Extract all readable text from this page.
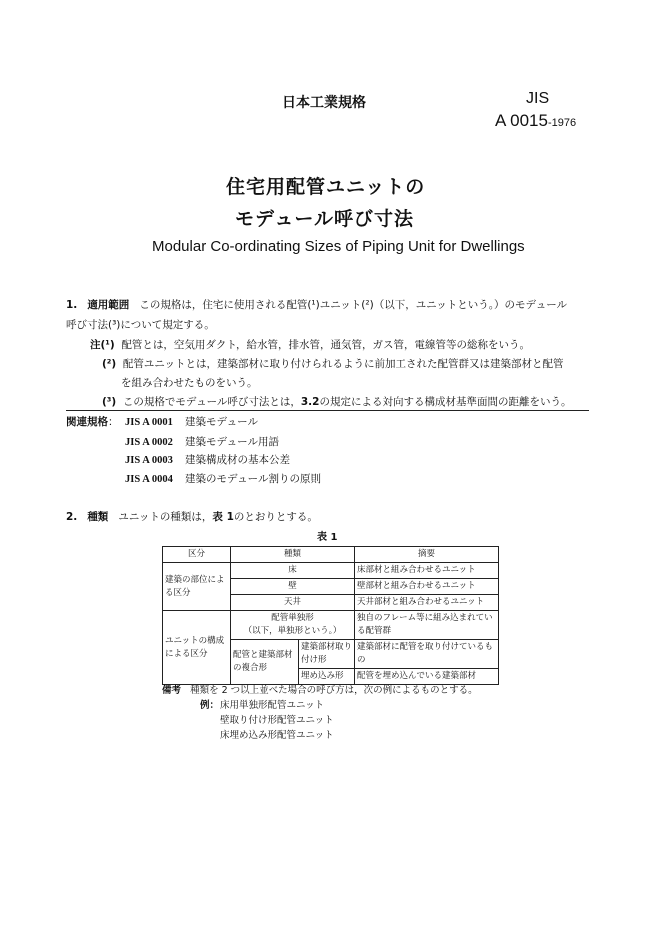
日本工業規格	JIS
A 0015-1976
住宅用配管ユニットの
モデュール呼び寸法
Modular Co-ordinating Sizes of Piping Unit for Dwellings
1. 適用範囲 この規格は，住宅に使用される配管(¹)ユニット(²)（以下，ユニットという。）のモデュール
呼び寸法(³)について規定する。
注(¹) 配管とは，空気用ダクト，給水管，排水管，通気管，ガス管，電線管等の総称をいう。
(²) 配管ユニットとは，建築部材に取り付けられるように前加工された配管群又は建築部材と配管
を組み合わせたものをいう。
(³) この規格でモデュール呼び寸法とは，3.2の規定による対向する構成材基準面間の距離をいう。
関連規格： JIS A 0001 建築モデュール
JIS A 0002 建築モデュール用語
JIS A 0003 建築構成材の基本公差
JIS A 0004 建築のモデュール割りの原則
2. 種類 ユニットの種類は，表 1のとおりとする。
表 1
区分	種類		摘要
建築の部位による区分	床		床部材と組み合わせるユニット
	壁		壁部材と組み合わせるユニット
	天井		天井部材と組み合わせるユニット
ユニットの構成による区分	配管単独形
（以下，単独形という。）		独自のフレーム等に組み込まれている配管群
	配管と建築部材の複合形	建築部材取り付け形	建築部材に配管を取り付けているもの
		埋め込み形	配管を埋め込んでいる建築部材
備考 種類を 2 つ以上並べた場合の呼び方は，次の例によるものとする。
例： 床用単独形配管ユニット
壁取り付け形配管ユニット
床埋め込み形配管ユニット
